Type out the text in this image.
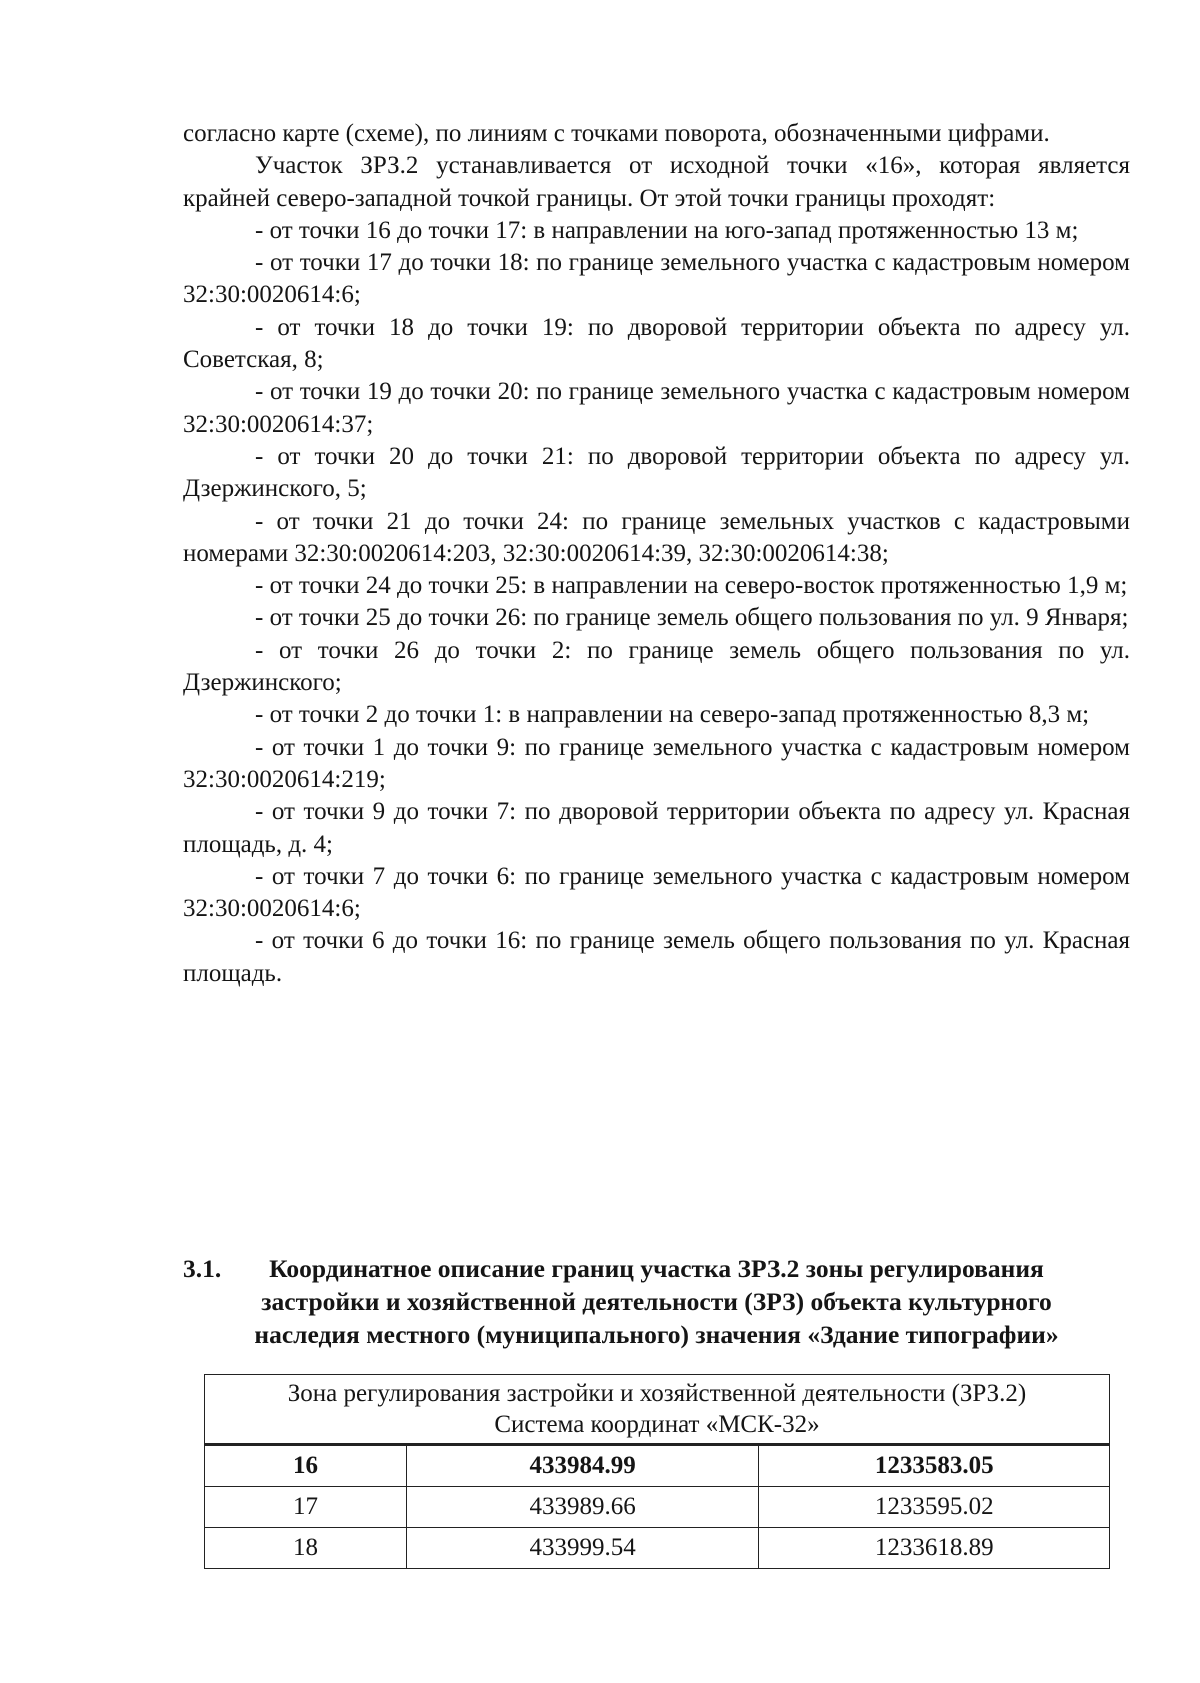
согласно карте (схеме), по линиям с точками поворота, обозначенными цифрами.

Участок ЗРЗ.2 устанавливается от исходной точки «16», которая является крайней северо-западной точкой границы. От этой точки границы проходят:

- от точки 16 до точки 17: в направлении на юго-запад протяженностью 13 м;

- от точки 17 до точки 18: по границе земельного участка с кадастровым номером 32:30:0020614:6;

- от точки 18 до точки 19: по дворовой территории объекта по адресу ул. Советская, 8;

- от точки 19 до точки 20: по границе земельного участка с кадастровым номером 32:30:0020614:37;

- от точки 20 до точки 21: по дворовой территории объекта по адресу ул. Дзержинского, 5;

- от точки 21 до точки 24: по границе земельных участков с кадастровыми номерами 32:30:0020614:203, 32:30:0020614:39, 32:30:0020614:38;

- от точки 24 до точки 25: в направлении на северо-восток протяженностью 1,9 м;

- от точки 25 до точки 26: по границе земель общего пользования по ул. 9 Января;

- от точки 26 до точки 2: по границе земель общего пользования по ул. Дзержинского;

- от точки 2 до точки 1: в направлении на северо-запад протяженностью 8,3 м;

- от точки 1 до точки 9: по границе земельного участка с кадастровым номером 32:30:0020614:219;

- от точки 9 до точки 7: по дворовой территории объекта по адресу ул. Красная площадь, д. 4;

- от точки 7 до точки 6: по границе земельного участка с кадастровым номером 32:30:0020614:6;

- от точки 6 до точки 16: по границе земель общего пользования по ул. Красная площадь.

3.1.	Координатное описание границ участка ЗРЗ.2 зоны регулирования
застройки и хозяйственной деятельности (ЗРЗ) объекта культурного
наследия местного (муниципального) значения «Здание типографии»
Зона регулирования застройки и хозяйственной деятельности (ЗРЗ.2)
Система координат «МСК-32»		

16	433984.99	1233583.05
17	433989.66	1233595.02
18	433999.54	1233618.89
